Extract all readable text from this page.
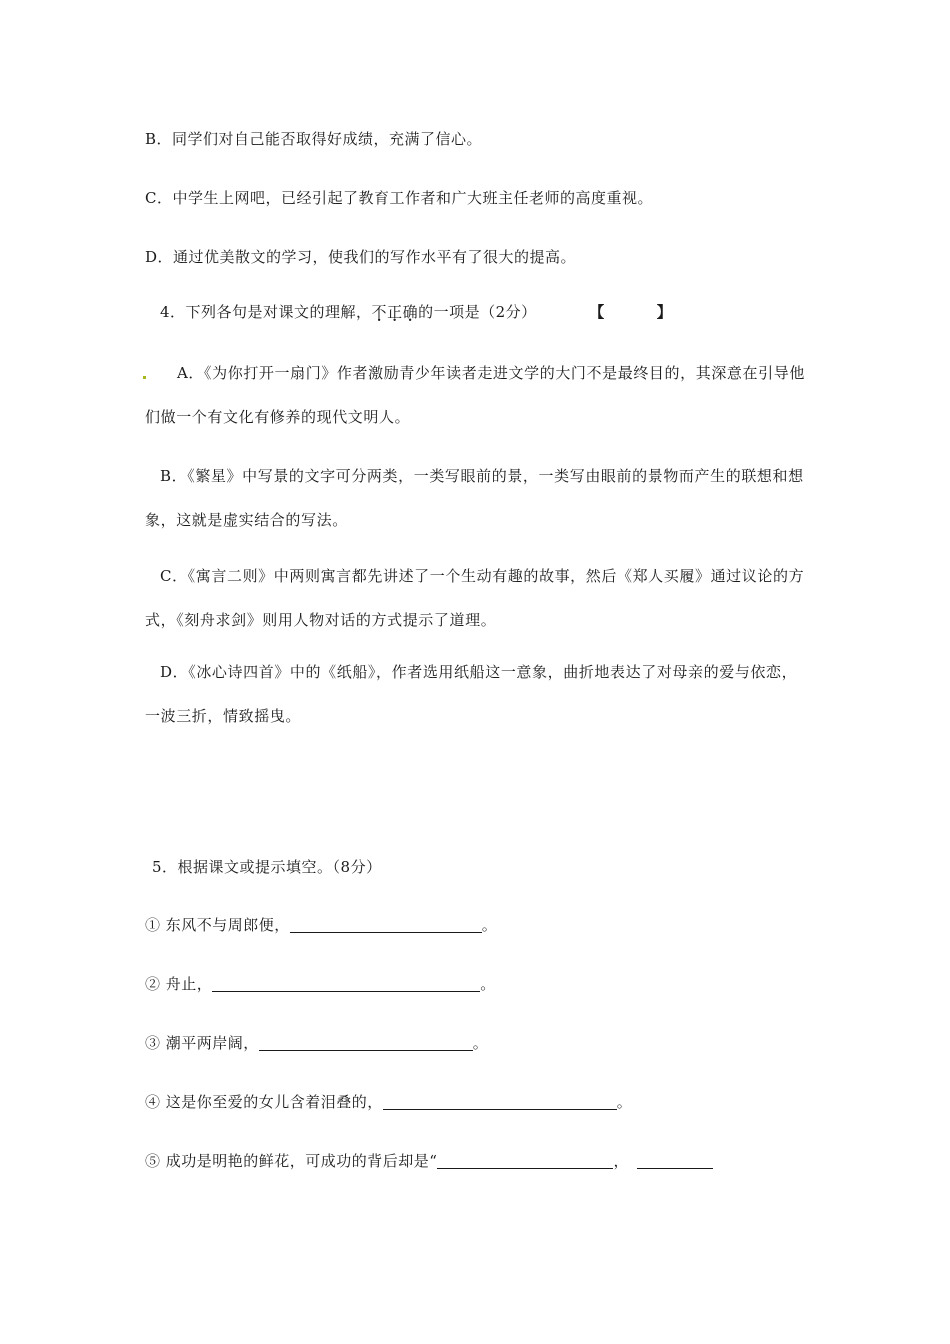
B．同学们对自己能否取得好成绩，充满了信心。
C．中学生上网吧，已经引起了教育工作者和广大班主任老师的高度重视。
D．通过优美散文的学习，使我们的写作水平有了很大的提高。
4．下列各句是对课文的理解，不正确的一项是（2分）	【	】
A．《为你打开一扇门》作者激励青少年读者走进文学的大门不是最终目的，其深意在引导他们做一个有文化有修养的现代文明人。
B．《繁星》中写景的文字可分两类，一类写眼前的景，一类写由眼前的景物而产生的联想和想象，这就是虚实结合的写法。
C．《寓言二则》中两则寓言都先讲述了一个生动有趣的故事，然后《郑人买履》通过议论的方式，《刻舟求剑》则用人物对话的方式提示了道理。
D．《冰心诗四首》中的《纸船》，作者选用纸船这一意象，曲折地表达了对母亲的爱与依恋，一波三折，情致摇曳。
5．根据课文或提示填空。（8分）
① 东风不与周郎便，	。
② 舟止，	。
③ 潮平两岸阔，	。
④ 这是你至爱的女儿含着泪叠的，	。
⑤ 成功是明艳的鲜花，可成功的背后却是“	，
